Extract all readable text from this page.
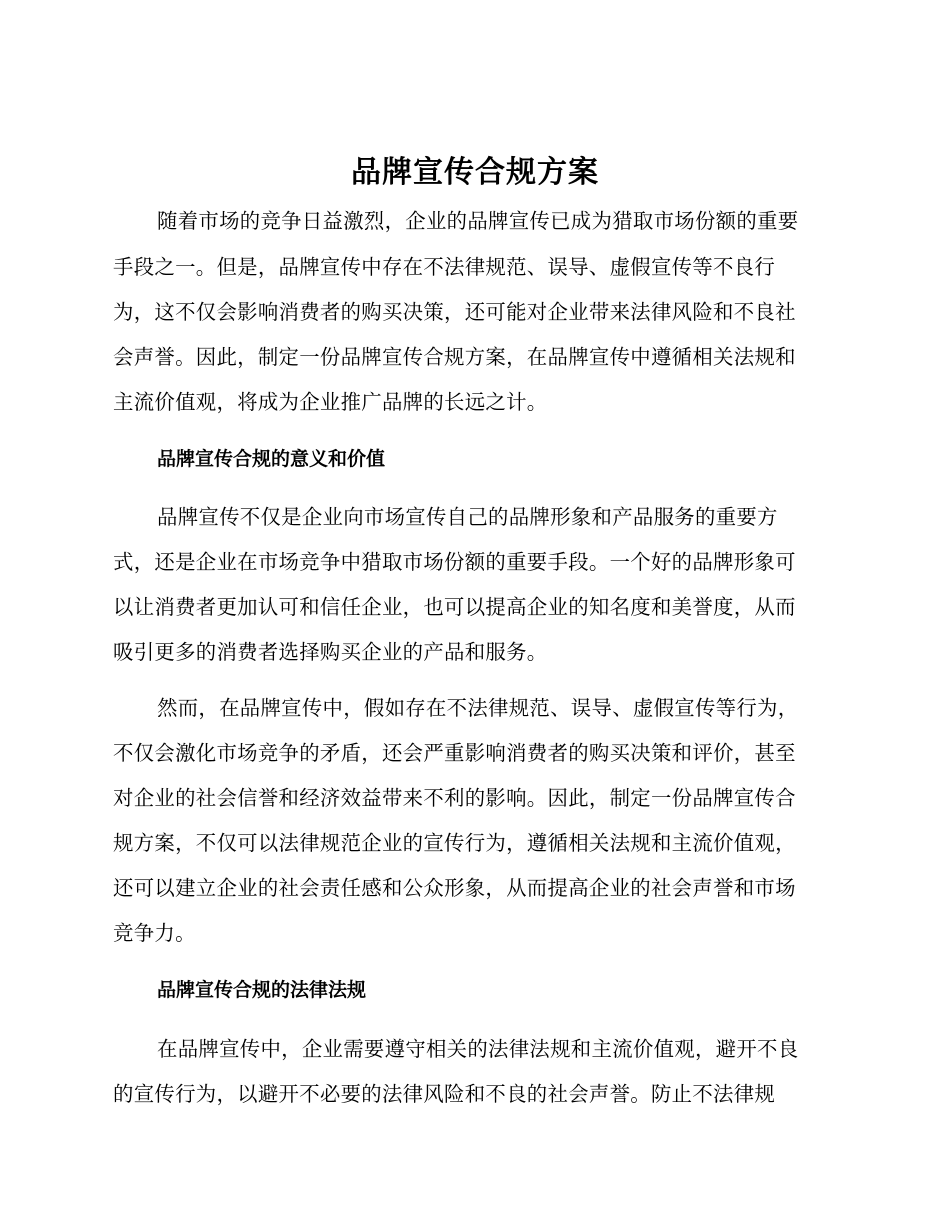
品牌宣传合规方案
随着市场的竞争日益激烈，企业的品牌宣传已成为猎取市场份额的重要
手段之一。但是，品牌宣传中存在不法律规范、误导、虚假宣传等不良行
为，这不仅会影响消费者的购买决策，还可能对企业带来法律风险和不良社
会声誉。因此，制定一份品牌宣传合规方案，在品牌宣传中遵循相关法规和
主流价值观，将成为企业推广品牌的长远之计。
品牌宣传合规的意义和价值
品牌宣传不仅是企业向市场宣传自己的品牌形象和产品服务的重要方
式，还是企业在市场竞争中猎取市场份额的重要手段。一个好的品牌形象可
以让消费者更加认可和信任企业，也可以提高企业的知名度和美誉度，从而
吸引更多的消费者选择购买企业的产品和服务。
然而，在品牌宣传中，假如存在不法律规范、误导、虚假宣传等行为，
不仅会激化市场竞争的矛盾，还会严重影响消费者的购买决策和评价，甚至
对企业的社会信誉和经济效益带来不利的影响。因此，制定一份品牌宣传合
规方案，不仅可以法律规范企业的宣传行为，遵循相关法规和主流价值观，
还可以建立企业的社会责任感和公众形象，从而提高企业的社会声誉和市场
竞争力。
品牌宣传合规的法律法规
在品牌宣传中，企业需要遵守相关的法律法规和主流价值观，避开不良
的宣传行为，以避开不必要的法律风险和不良的社会声誉。防止不法律规
